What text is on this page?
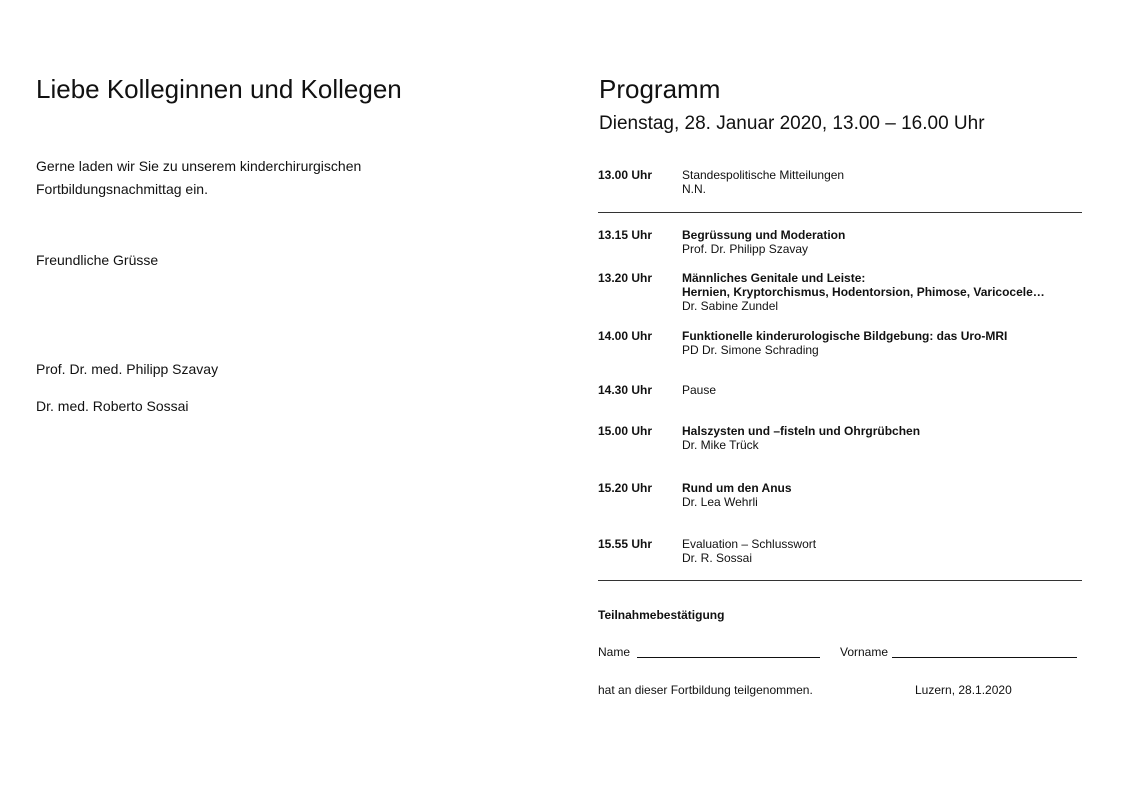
Liebe Kolleginnen und Kollegen
Gerne laden wir Sie zu unserem kinderchirurgischen
Fortbildungsnachmittag ein.
Freundliche Grüsse
Prof. Dr. med. Philipp Szavay
Dr. med. Roberto Sossai
Programm
Dienstag, 28. Januar 2020, 13.00 – 16.00 Uhr
13.00 Uhr	Standespolitische Mitteilungen
N.N.
13.15 Uhr	Begrüssung und Moderation
Prof. Dr. Philipp Szavay
13.20 Uhr	Männliches Genitale und Leiste:
Hernien, Kryptorchismus, Hodentorsion, Phimose, Varicocele…
Dr. Sabine Zundel
14.00 Uhr	Funktionelle kinderurologische Bildgebung: das Uro-MRI
PD Dr. Simone Schrading
14.30 Uhr	Pause
15.00 Uhr	Halszysten und –fisteln und Ohrgrübchen
Dr. Mike Trück
15.20 Uhr	Rund um den Anus
Dr. Lea Wehrli
15.55 Uhr	Evaluation – Schlusswort
Dr. R. Sossai
Teilnahmebestätigung
Name	Vorname
hat an dieser Fortbildung teilgenommen.	Luzern, 28.1.2020
